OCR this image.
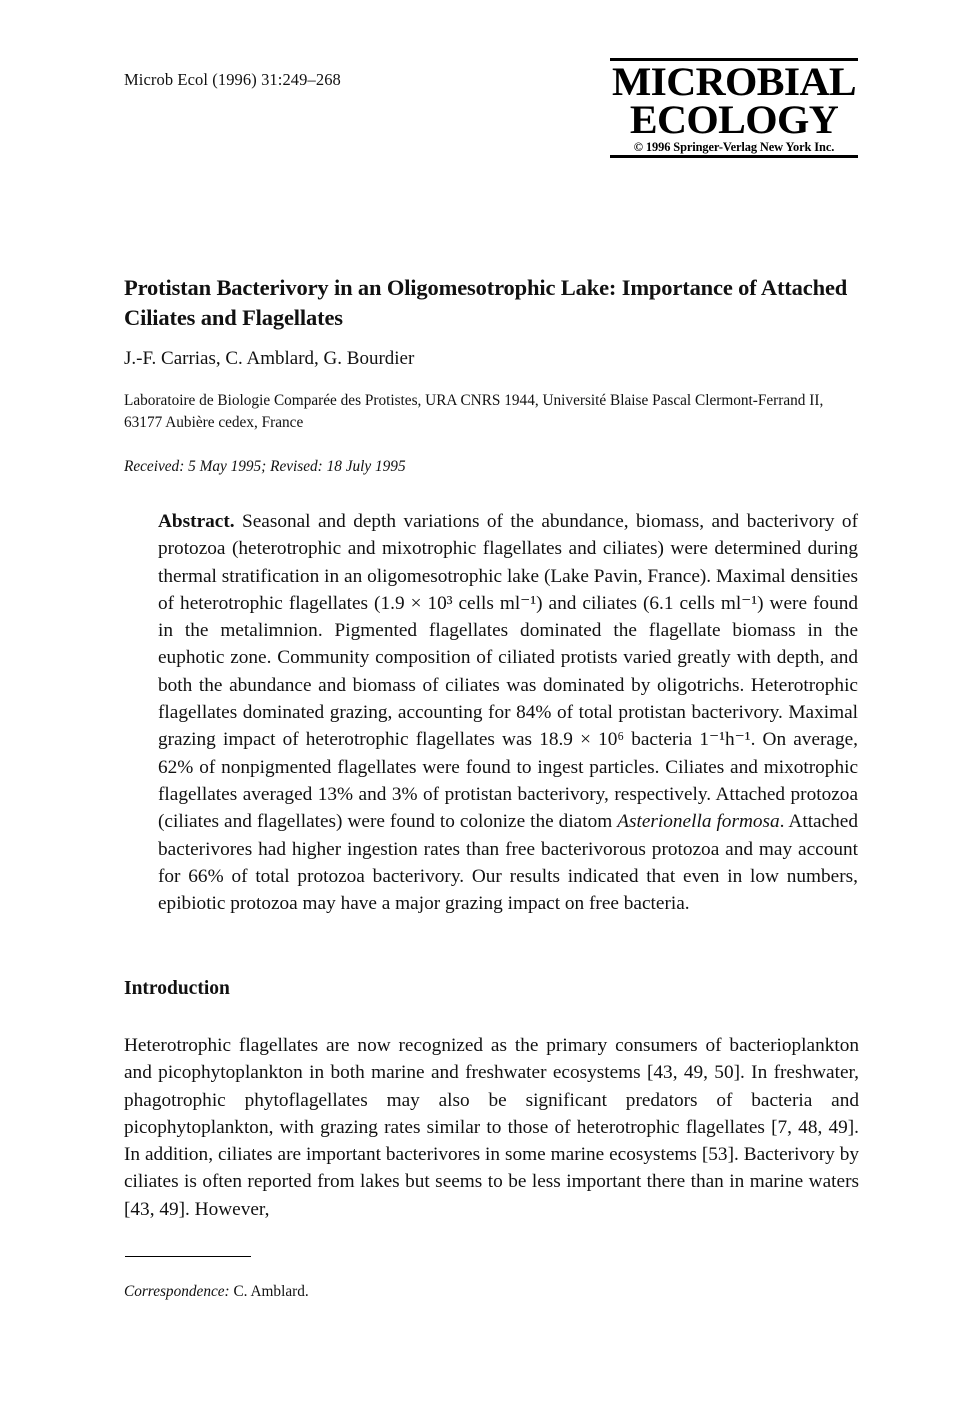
Microb Ecol (1996) 31:249–268	MICROBIAL
ECOLOGY
© 1996 Springer-Verlag New York Inc.
Protistan Bacterivory in an Oligomesotrophic Lake: Importance of Attached Ciliates and Flagellates
J.-F. Carrias, C. Amblard, G. Bourdier
Laboratoire de Biologie Comparée des Protistes, URA CNRS 1944, Université Blaise Pascal Clermont-Ferrand II, 63177 Aubière cedex, France
Received: 5 May 1995; Revised: 18 July 1995
Abstract. Seasonal and depth variations of the abundance, biomass, and bacterivory of protozoa (heterotrophic and mixotrophic flagellates and ciliates) were determined during thermal stratification in an oligomesotrophic lake (Lake Pavin, France). Maximal densities of heterotrophic flagellates (1.9 × 10³ cells ml⁻¹) and ciliates (6.1 cells ml⁻¹) were found in the metalimnion. Pigmented flagellates dominated the flagellate biomass in the euphotic zone. Community composition of ciliated protists varied greatly with depth, and both the abundance and biomass of ciliates was dominated by oligotrichs. Heterotrophic flagellates dominated grazing, accounting for 84% of total protistan bacterivory. Maximal grazing impact of heterotrophic flagellates was 18.9 × 10⁶ bacteria 1⁻¹h⁻¹. On average, 62% of nonpigmented flagellates were found to ingest particles. Ciliates and mixotrophic flagellates averaged 13% and 3% of protistan bacterivory, respectively. Attached protozoa (ciliates and flagellates) were found to colonize the diatom Asterionella formosa. Attached bacterivores had higher ingestion rates than free bacterivorous protozoa and may account for 66% of total protozoa bacterivory. Our results indicated that even in low numbers, epibiotic protozoa may have a major grazing impact on free bacteria.
Introduction
Heterotrophic flagellates are now recognized as the primary consumers of bacterioplankton and picophytoplankton in both marine and freshwater ecosystems [43, 49, 50]. In freshwater, phagotrophic phytoflagellates may also be significant predators of bacteria and picophytoplankton, with grazing rates similar to those of heterotrophic flagellates [7, 48, 49]. In addition, ciliates are important bacterivores in some marine ecosystems [53]. Bacterivory by ciliates is often reported from lakes but seems to be less important there than in marine waters [43, 49]. However,
Correspondence: C. Amblard.
